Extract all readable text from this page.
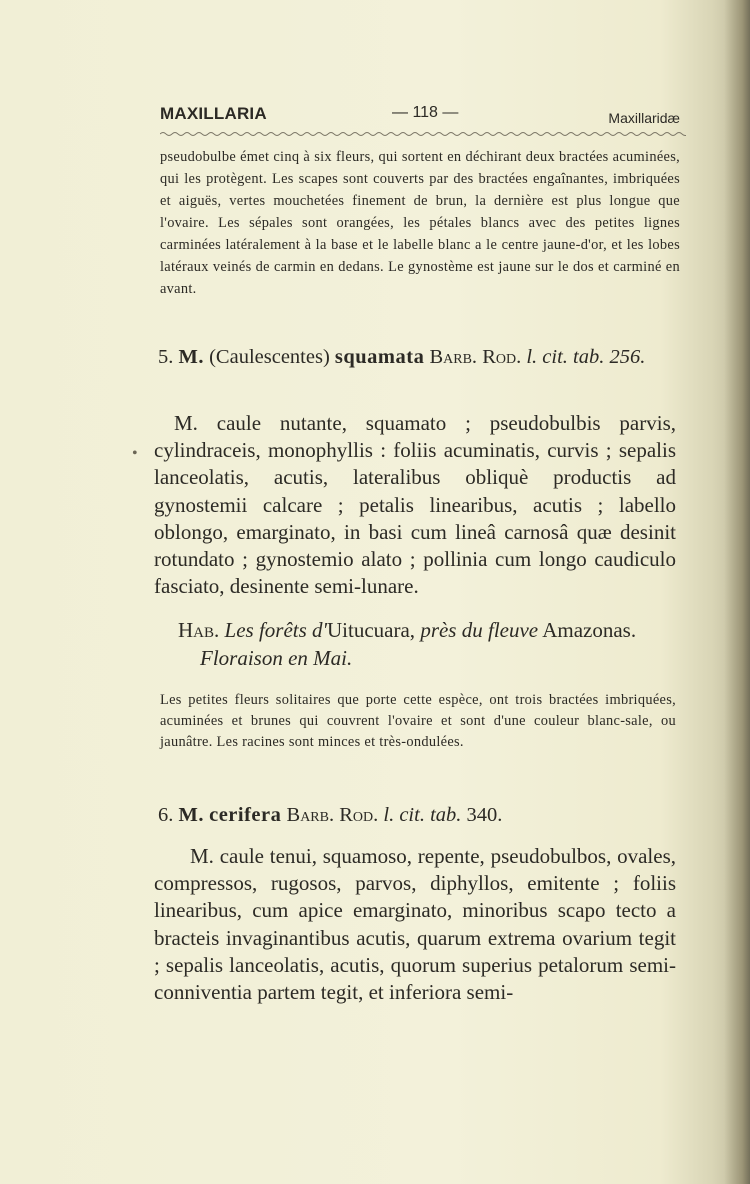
MAXILLARIA	— 118 —	Maxillaridæ
pseudobulbe émet cinq à six fleurs, qui sortent en déchirant deux bractées acuminées, qui les protègent. Les scapes sont couverts par des bractées engaînantes, imbriquées et aiguës, vertes mouchetées finement de brun, la dernière est plus longue que l'ovaire. Les sépales sont orangées, les pétales blancs avec des petites lignes carminées latéralement à la base et le labelle blanc a le centre jaune-d'or, et les lobes latéraux veinés de carmin en dedans. Le gynostème est jaune sur le dos et carminé en avant.
5. M. (Caulescentes) squamata Barb. Rod. l. cit. tab. 256.
•
M. caule nutante, squamato ; pseudobulbis parvis, cylindraceis, monophyllis : foliis acuminatis, curvis ; sepalis lanceolatis, acutis, lateralibus obliquè productis ad gynostemii calcare ; petalis linearibus, acutis ; labello oblongo, emarginato, in basi cum lineâ carnosâ quæ desinit rotundato ; gynostemio alato ; pollinia cum longo caudiculo fasciato, desinente semi-lunare.
Hab. Les forêts d'Uitucuara, près du fleuve Amazonas.
Floraison en Mai.
Les petites fleurs solitaires que porte cette espèce, ont trois bractées imbriquées, acuminées et brunes qui couvrent l'ovaire et sont d'une couleur blanc-sale, ou jaunâtre. Les racines sont minces et très-ondulées.
6. M. cerifera Barb. Rod. l. cit. tab. 340.
M. caule tenui, squamoso, repente, pseudobulbos, ovales, compressos, rugosos, parvos, diphyllos, emitente ; foliis linearibus, cum apice emarginato, minoribus scapo tecto a bracteis invaginantibus acutis, quarum extrema ovarium tegit ; sepalis lanceolatis, acutis, quorum superius petalorum semi-conniventia partem tegit, et inferiora semi-
